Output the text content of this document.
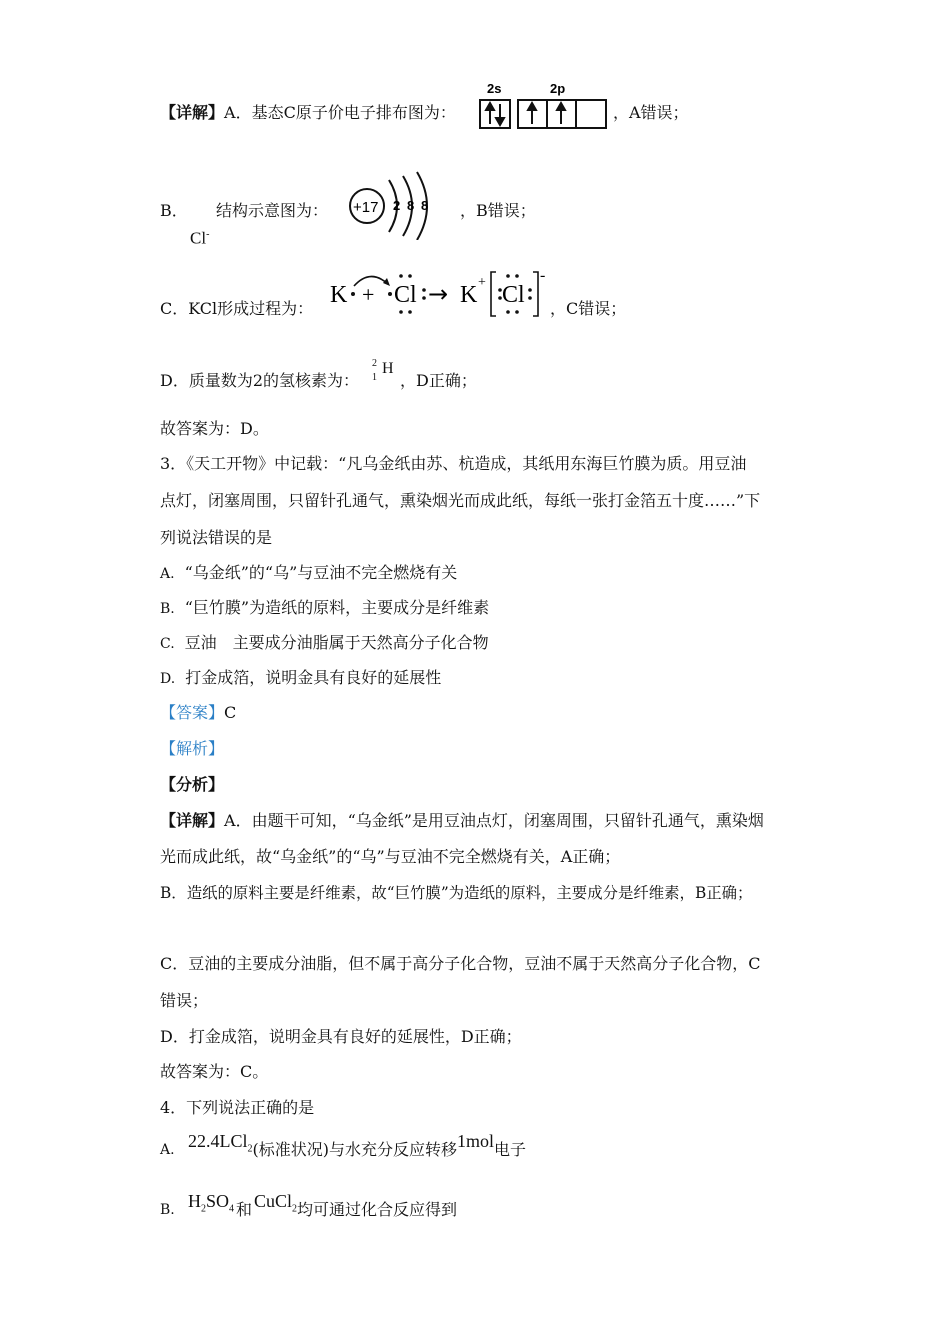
【详解】A．基态C原子价电子排布图为：
2s	2p
，A错误；
B． 结构示意图为：
Cl-
+17 2 8 8 ，B错误；
C．KCl形成过程为：
K + Cl → K + Cl
-
，C错误；
D．质量数为2的氢核素为：
2
1
H
，D正确；
故答案为：D。
3．《天工开物》中记载：“凡乌金纸由苏、杭造成，其纸用东海巨竹膜为质。用豆油
点灯，闭塞周围，只留针孔通气，熏染烟光而成此纸，每纸一张打金箔五十度……”下
列说法错误的是
A. “乌金纸”的“乌”与豆油不完全燃烧有关
B. “巨竹膜”为造纸的原料，主要成分是纤维素
C. 豆油　主要成分油脂属于天然高分子化合物
D. 打金成箔，说明金具有良好的延展性
【答案】C
【解析】
【分析】
【详解】A．由题干可知，“乌金纸”是用豆油点灯，闭塞周围，只留针孔通气，熏染烟
光而成此纸，故“乌金纸”的“乌”与豆油不完全燃烧有关，A正确；
B．造纸的原料主要是纤维素，故“巨竹膜”为造纸的原料，主要成分是纤维素，B正确；
C．豆油的主要成分油脂，但不属于高分子化合物，豆油不属于天然高分子化合物，C
错误；
D．打金成箔，说明金具有良好的延展性，D正确；
故答案为：C。
4．下列说法正确的是
A. 22.4LCl$_2$(标准状况)与水充分反应转移1mol电子
B. $H_2SO_4$ 和 CuCl$_2$均可通过化合反应得到
